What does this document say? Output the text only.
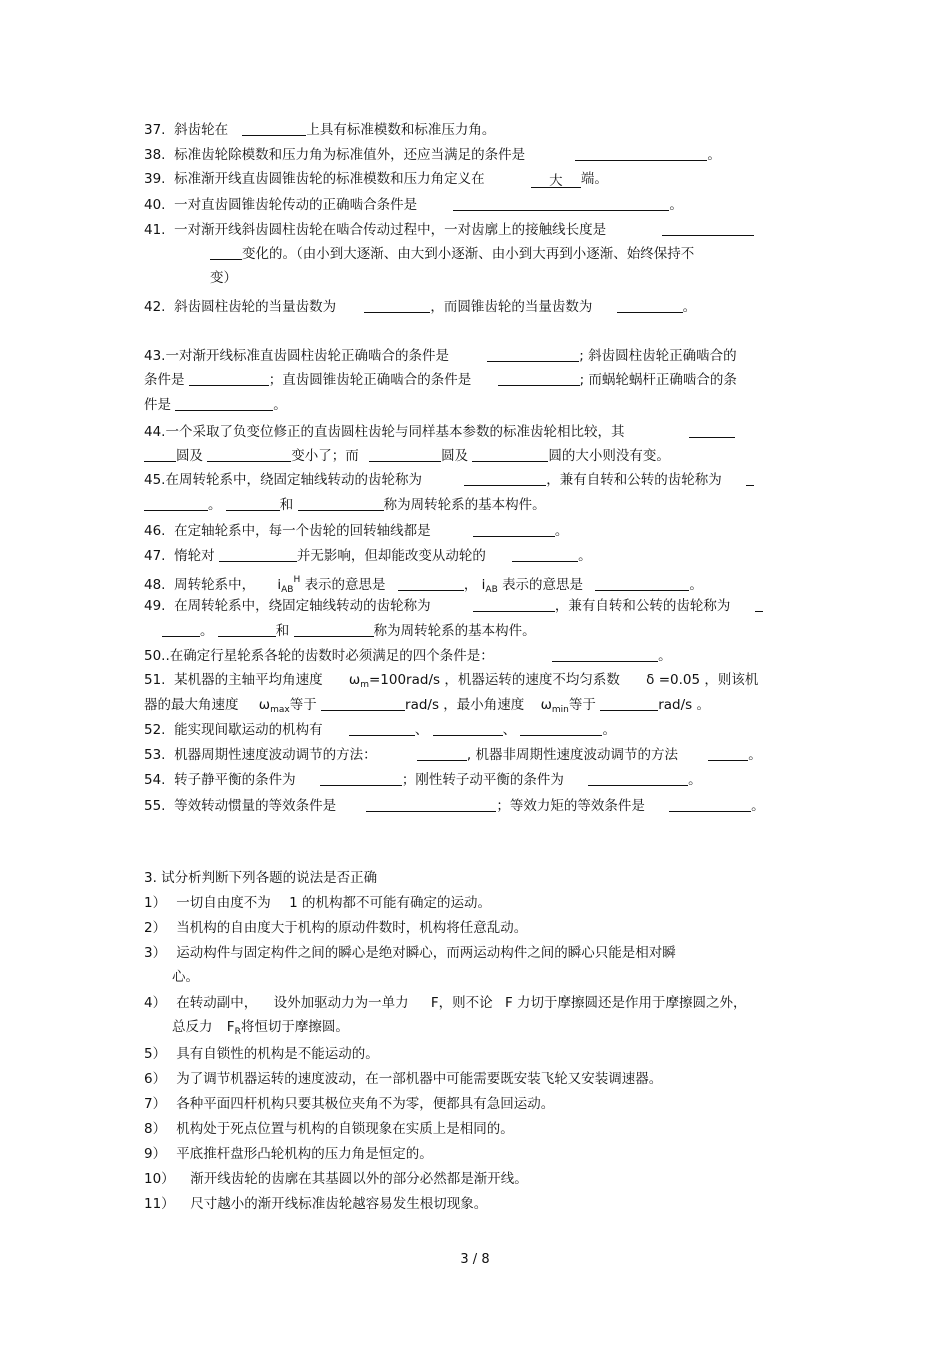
37. 斜齿轮在	上具有标准模数和标准压力角。
38. 标准齿轮除模数和压力角为标准值外，还应当满足的条件是	。
39. 标准渐开线直齿圆锥齿轮的标准模数和压力角定义在	大 端。
40. 一对直齿圆锥齿轮传动的正确啮合条件是	。
41. 一对渐开线斜齿圆柱齿轮在啮合传动过程中，一对齿廓上的接触线长度是
变化的。（由小到大逐渐、由大到小逐渐、由小到大再到小逐渐、始终保持不
变）
42. 斜齿圆柱齿轮的当量齿数为	，而圆锥齿轮的当量齿数为	。
43.一对渐开线标准直齿圆柱齿轮正确啮合的条件是	; 斜齿圆柱齿轮正确啮合的
条件是	；直齿圆锥齿轮正确啮合的条件是	; 而蜗轮蜗杆正确啮合的条
件是	。
44.一个采取了负变位修正的直齿圆柱齿轮与同样基本参数的标准齿轮相比较，其
圆及	变小了；而	圆及	圆的大小则没有变。
45.在周转轮系中，绕固定轴线转动的齿轮称为	，兼有自转和公转的齿轮称为
。	和	称为周转轮系的基本构件。
46. 在定轴轮系中，每一个齿轮的回转轴线都是	。
47. 惰轮对	并无影响，但却能改变从动轮的	。
48. 周转轮系中， $i_{AB}^H$ 表示的意思是	， $i_{AB}$ 表示的意思是	。
49. 在周转轮系中，绕固定轴线转动的齿轮称为	，兼有自转和公转的齿轮称为
。	和	称为周转轮系的基本构件。
50..在确定行星轮系各轮的齿数时必须满足的四个条件是：	。
51. 某机器的主轴平均角速度 $\omega_m=100rad/s$ ，机器运转的速度不均匀系数 δ =0.05 ，则该机
器的最大角速度 $\omega_{max}$等于	rad/s ，最小角速度 $\omega_{min}$等于	rad/s 。
52. 能实现间歇运动的机构有	、	、	。
53. 机器周期性速度波动调节的方法：	, 机器非周期性速度波动调节的方法	。
54. 转子静平衡的条件为	；刚性转子动平衡的条件为	。
55. 等效转动惯量的等效条件是	；等效力矩的等效条件是	。
3. 试分析判断下列各题的说法是否正确
1） 一切自由度不为 1 的机构都不可能有确定的运动。
2） 当机构的自由度大于机构的原动件数时，机构将任意乱动。
3） 运动构件与固定构件之间的瞬心是绝对瞬心，而两运动构件之间的瞬心只能是相对瞬
心。
4） 在转动副中， 设外加驱动力为一单力 F，则不论 F 力切于摩擦圆还是作用于摩擦圆之外，
总反力 $F_R$将恒切于摩擦圆。
5） 具有自锁性的机构是不能运动的。
6） 为了调节机器运转的速度波动，在一部机器中可能需要既安装飞轮又安装调速器。
7） 各种平面四杆机构只要其极位夹角不为零，便都具有急回运动。
8） 机构处于死点位置与机构的自锁现象在实质上是相同的。
9） 平底推杆盘形凸轮机构的压力角是恒定的。
10） 渐开线齿轮的齿廓在其基圆以外的部分必然都是渐开线。
11） 尺寸越小的渐开线标准齿轮越容易发生根切现象。
3 / 8
